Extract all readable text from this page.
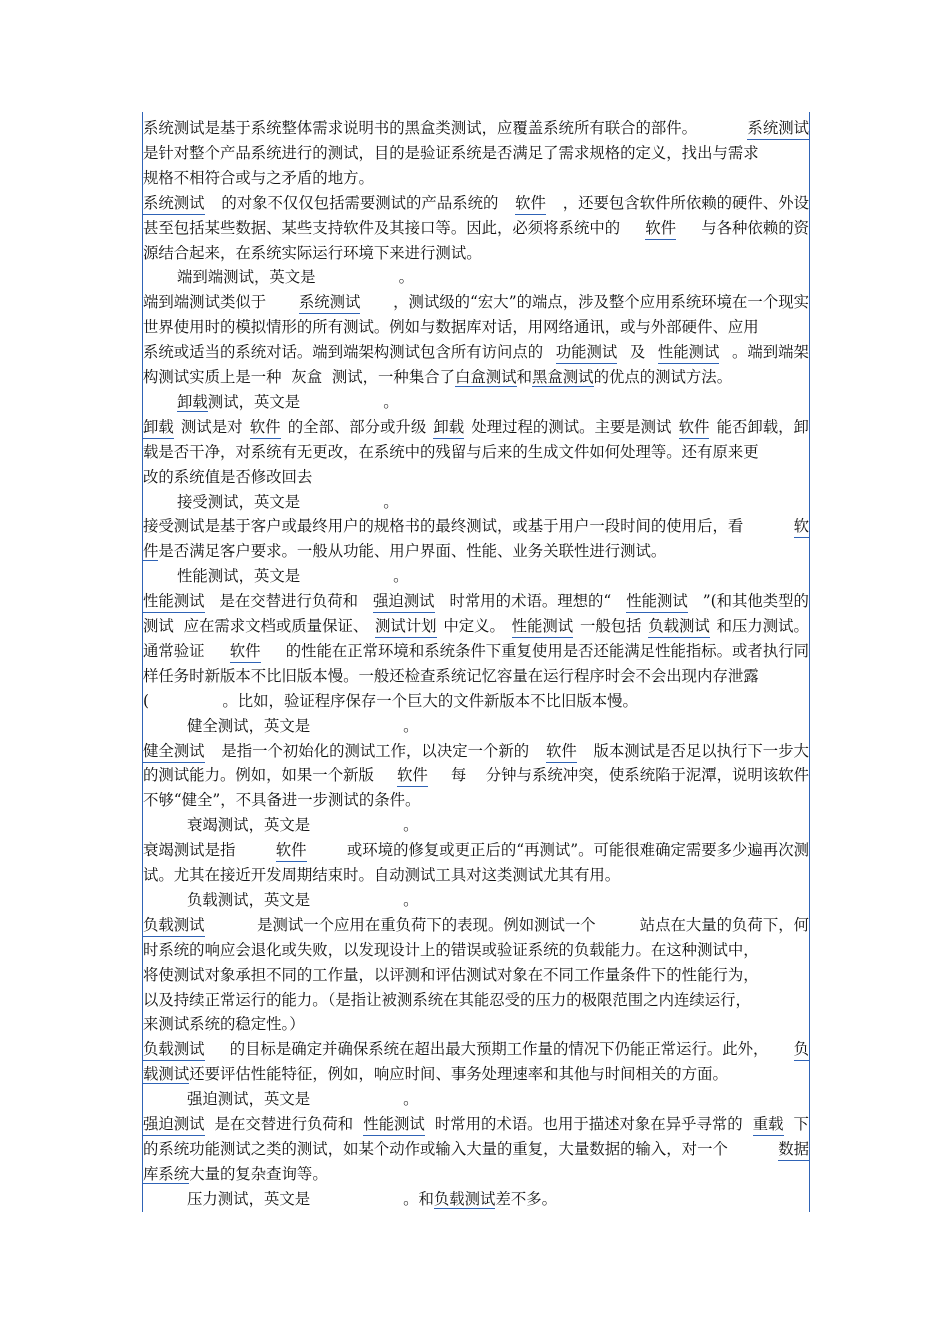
系统测试是基于系统整体需求说明书的黑盒类测试，应覆盖系统所有联合的部件。	系统测试
是针对整个产品系统进行的测试，目的是验证系统是否满足了需求规格的定义，找出与需求
规格不相符合或与之矛盾的地方。
系统测试 的对象不仅仅包括需要测试的产品系统的 软件 ，还要包含软件所依赖的硬件、外设
甚至包括某些数据、某些支持软件及其接口等。因此，必须将系统中的 软件 与各种依赖的资
源结合起来，在系统实际运行环境下来进行测试。
端到端测试，英文是                 。
端到端测试类似于 系统测试 ，测试级的“宏大”的端点，涉及整个应用系统环境在一个现实
世界使用时的模拟情形的所有测试。例如与数据库对话，用网络通讯，或与外部硬件、应用
系统或适当的系统对话。端到端架构测试包含所有访问点的 功能测试 及 性能测试 。端到端架
构测试实质上是一种  灰盒  测试，一种集合了白盒测试和黑盒测试的优点的测试方法。
卸载测试，英文是                 。
卸载 测试是对 软件 的全部、部分或升级 卸载 处理过程的测试。主要是测试 软件 能否卸载，卸
载是否干净，对系统有无更改，在系统中的残留与后来的生成文件如何处理等。还有原来更
改的系统值是否修改回去
接受测试，英文是                 。
接受测试是基于客户或最终用户的规格书的最终测试，或基于用户一段时间的使用后，看	软
件是否满足客户要求。一般从功能、用户界面、性能、业务关联性进行测试。
性能测试，英文是                   。
性能测试 是在交替进行负荷和 强迫测试 时常用的术语。理想的“ 性能测试 ”(和其他类型的
测试  应在需求文档或质量保证、 测试计划 中定义。 性能测试 一般包括 负载测试 和压力测试。
通常验证 软件 的性能在正常环境和系统条件下重复使用是否还能满足性能指标。或者执行同
样任务时新版本不比旧版本慢。一般还检查系统记忆容量在运行程序时会不会出现内存泄露
(               。比如，验证程序保存一个巨大的文件新版本不比旧版本慢。
健全测试，英文是                   。
健全测试 是指一个初始化的测试工作，以决定一个新的 软件 版本测试是否足以执行下一步大
的测试能力。例如，如果一个新版 软件 每    分钟与系统冲突，使系统陷于泥潭，说明该软件
不够“健全”，不具备进一步测试的条件。
衰竭测试，英文是                   。
衰竭测试是指	软件	或环境的修复或更正后的“再测试”。可能很难确定需要多少遍再次测
试。尤其在接近开发周期结束时。自动测试工具对这类测试尤其有用。
负载测试，英文是                   。
负载测试	是测试一个应用在重负荷下的表现。例如测试一个         站点在大量的负荷下，何
时系统的响应会退化或失败，以发现设计上的错误或验证系统的负载能力。在这种测试中，
将使测试对象承担不同的工作量，以评测和评估测试对象在不同工作量条件下的性能行为，
以及持续正常运行的能力。（是指让被测系统在其能忍受的压力的极限范围之内连续运行，
来测试系统的稳定性。）
负载测试 的目标是确定并确保系统在超出最大预期工作量的情况下仍能正常运行。此外， 负
载测试还要评估性能特征，例如，响应时间、事务处理速率和其他与时间相关的方面。
强迫测试，英文是                   。
强迫测试 是在交替进行负荷和 性能测试 时常用的术语。也用于描述对象在异乎寻常的 重载 下
的系统功能测试之类的测试，如某个动作或输入大量的重复，大量数据的输入，对一个	数据
库系统大量的复杂查询等。
压力测试，英文是                   。和负载测试差不多。
